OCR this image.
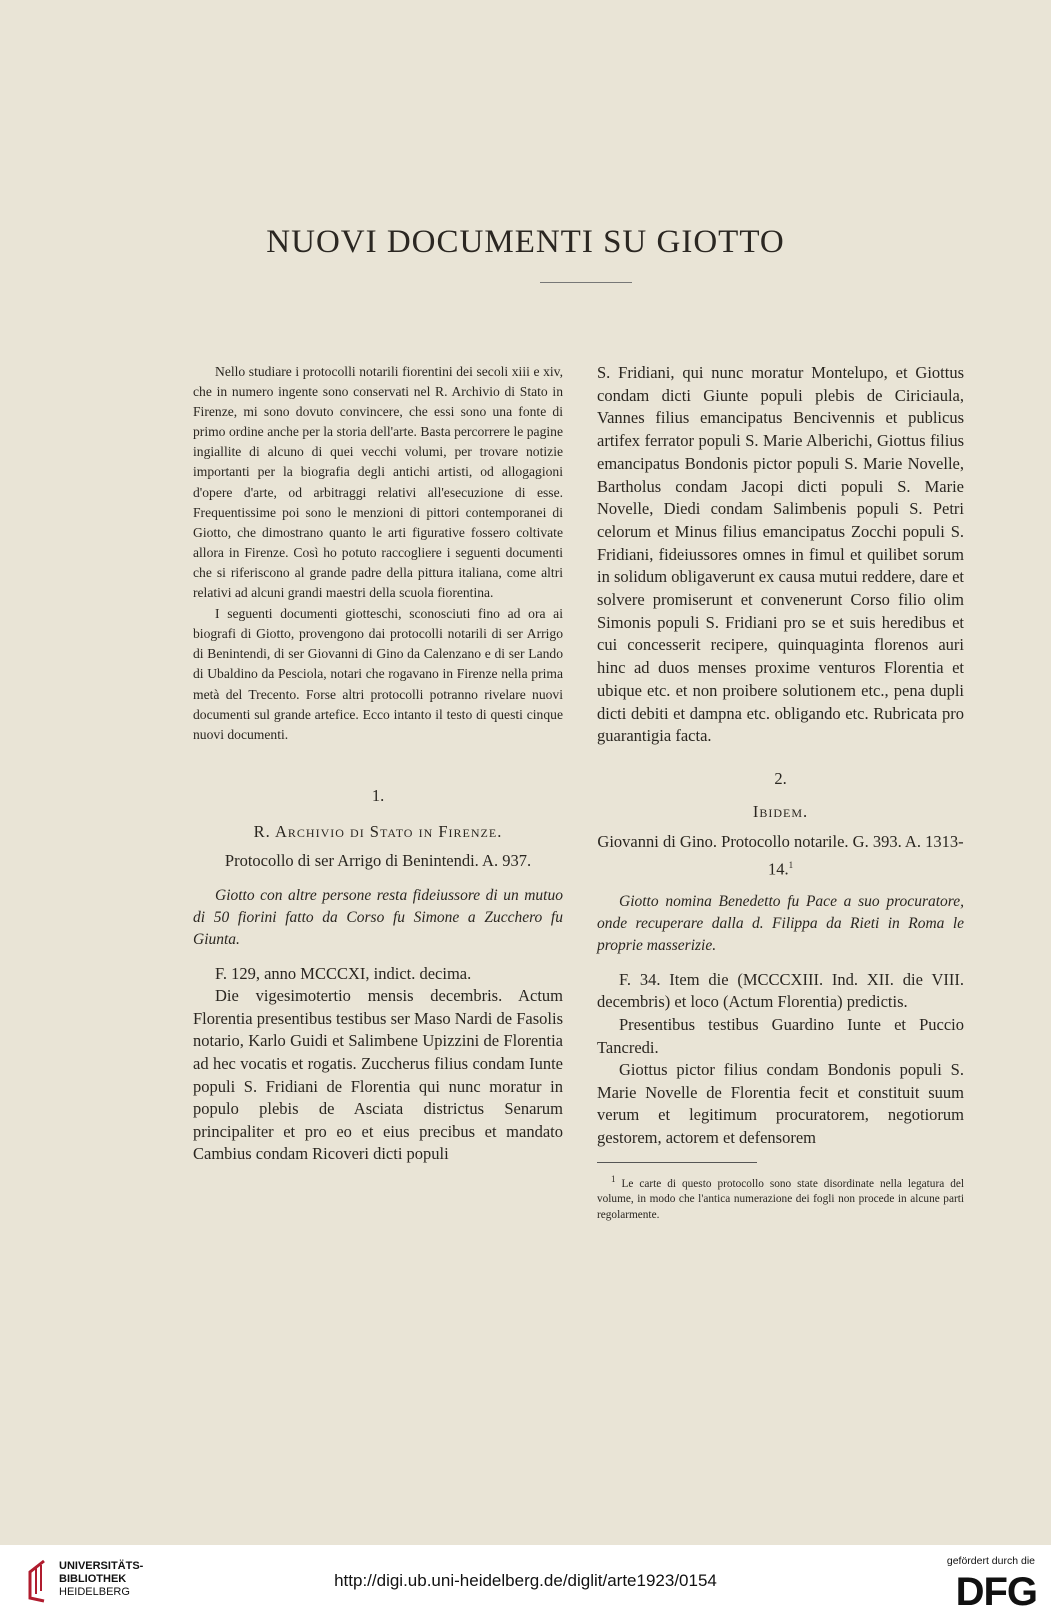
NUOVI DOCUMENTI SU GIOTTO

Nello studiare i protocolli notarili fiorentini dei secoli xiii e xiv, che in numero ingente sono conservati nel R. Archivio di Stato in Firenze, mi sono dovuto convincere, che essi sono una fonte di primo ordine anche per la storia dell'arte. Basta percorrere le pagine ingiallite di alcuno di quei vecchi volumi, per trovare notizie importanti per la biografia degli antichi artisti, od allogagioni d'opere d'arte, od arbitraggi relativi all'esecuzione di esse. Frequentissime poi sono le menzioni di pittori contemporanei di Giotto, che dimostrano quanto le arti figurative fossero coltivate allora in Firenze. Così ho potuto raccogliere i seguenti documenti che si riferiscono al grande padre della pittura italiana, come altri relativi ad alcuni grandi maestri della scuola fiorentina.

I seguenti documenti giotteschi, sconosciuti fino ad ora ai biografi di Giotto, provengono dai protocolli notarili di ser Arrigo di Benintendi, di ser Giovanni di Gino da Calenzano e di ser Lando di Ubaldino da Pesciola, notari che rogavano in Firenze nella prima metà del Trecento. Forse altri protocolli potranno rivelare nuovi documenti sul grande artefice. Ecco intanto il testo di questi cinque nuovi documenti.

1.

R. Archivio di Stato in Firenze.

Protocollo di ser Arrigo di Benintendi. A. 937.

Giotto con altre persone resta fideiussore di un mutuo di 50 fiorini fatto da Corso fu Simone a Zucchero fu Giunta.

F. 129, anno MCCCXI, indict. decima.

Die vigesimotertio mensis decembris. Actum Florentia presentibus testibus ser Maso Nardi de Fasolis notario, Karlo Guidi et Salimbene Upizzini de Florentia ad hec vocatis et rogatis. Zuccherus filius condam Iunte populi S. Fridiani de Florentia qui nunc moratur in populo plebis de Asciata districtus Senarum principaliter et pro eo et eius precibus et mandato Cambius condam Ricoveri dicti populi

S. Fridiani, qui nunc moratur Montelupo, et Giottus condam dicti Giunte populi plebis de Ciriciaula, Vannes filius emancipatus Bencivennis et publicus artifex ferrator populi S. Marie Alberichi, Giottus filius emancipatus Bondonis pictor populi S. Marie Novelle, Bartholus condam Jacopi dicti populi S. Marie Novelle, Diedi condam Salimbenis populi S. Petri celorum et Minus filius emancipatus Zocchi populi S. Fridiani, fideiussores omnes in fimul et quilibet sorum in solidum obligaverunt ex causa mutui reddere, dare et solvere promiserunt et convenerunt Corso filio olim Simonis populi S. Fridiani pro se et suis heredibus et cui concesserit recipere, quinquaginta florenos auri hinc ad duos menses proxime venturos Florentia et ubique etc. et non proibere solutionem etc., pena dupli dicti debiti et dampna etc. obligando etc. Rubricata pro guarantigia facta.

2.

Ibidem.

Giovanni di Gino. Protocollo notarile. G. 393. A. 1313-14.$^1$

Giotto nomina Benedetto fu Pace a suo procuratore, onde recuperare dalla d. Filippa da Rieti in Roma le proprie masserizie.

F. 34. Item die (MCCCXIII. Ind. XII. die VIII. decembris) et loco (Actum Florentia) predictis.

Presentibus testibus Guardino Iunte et Puccio Tancredi.

Giottus pictor filius condam Bondonis populi S. Marie Novelle de Florentia fecit et constituit suum verum et legitimum procuratorem, negotiorum gestorem, actorem et defensorem

$^1$ Le carte di questo protocollo sono state disordinate nella legatura del volume, in modo che l'antica numerazione dei fogli non procede in alcune parti regolarmente.

UNIVERSITÄTS-
BIBLIOTHEK
HEIDELBERG
http://digi.ub.uni-heidelberg.de/diglit/arte1923/0154
gefördert durch die
DFG
